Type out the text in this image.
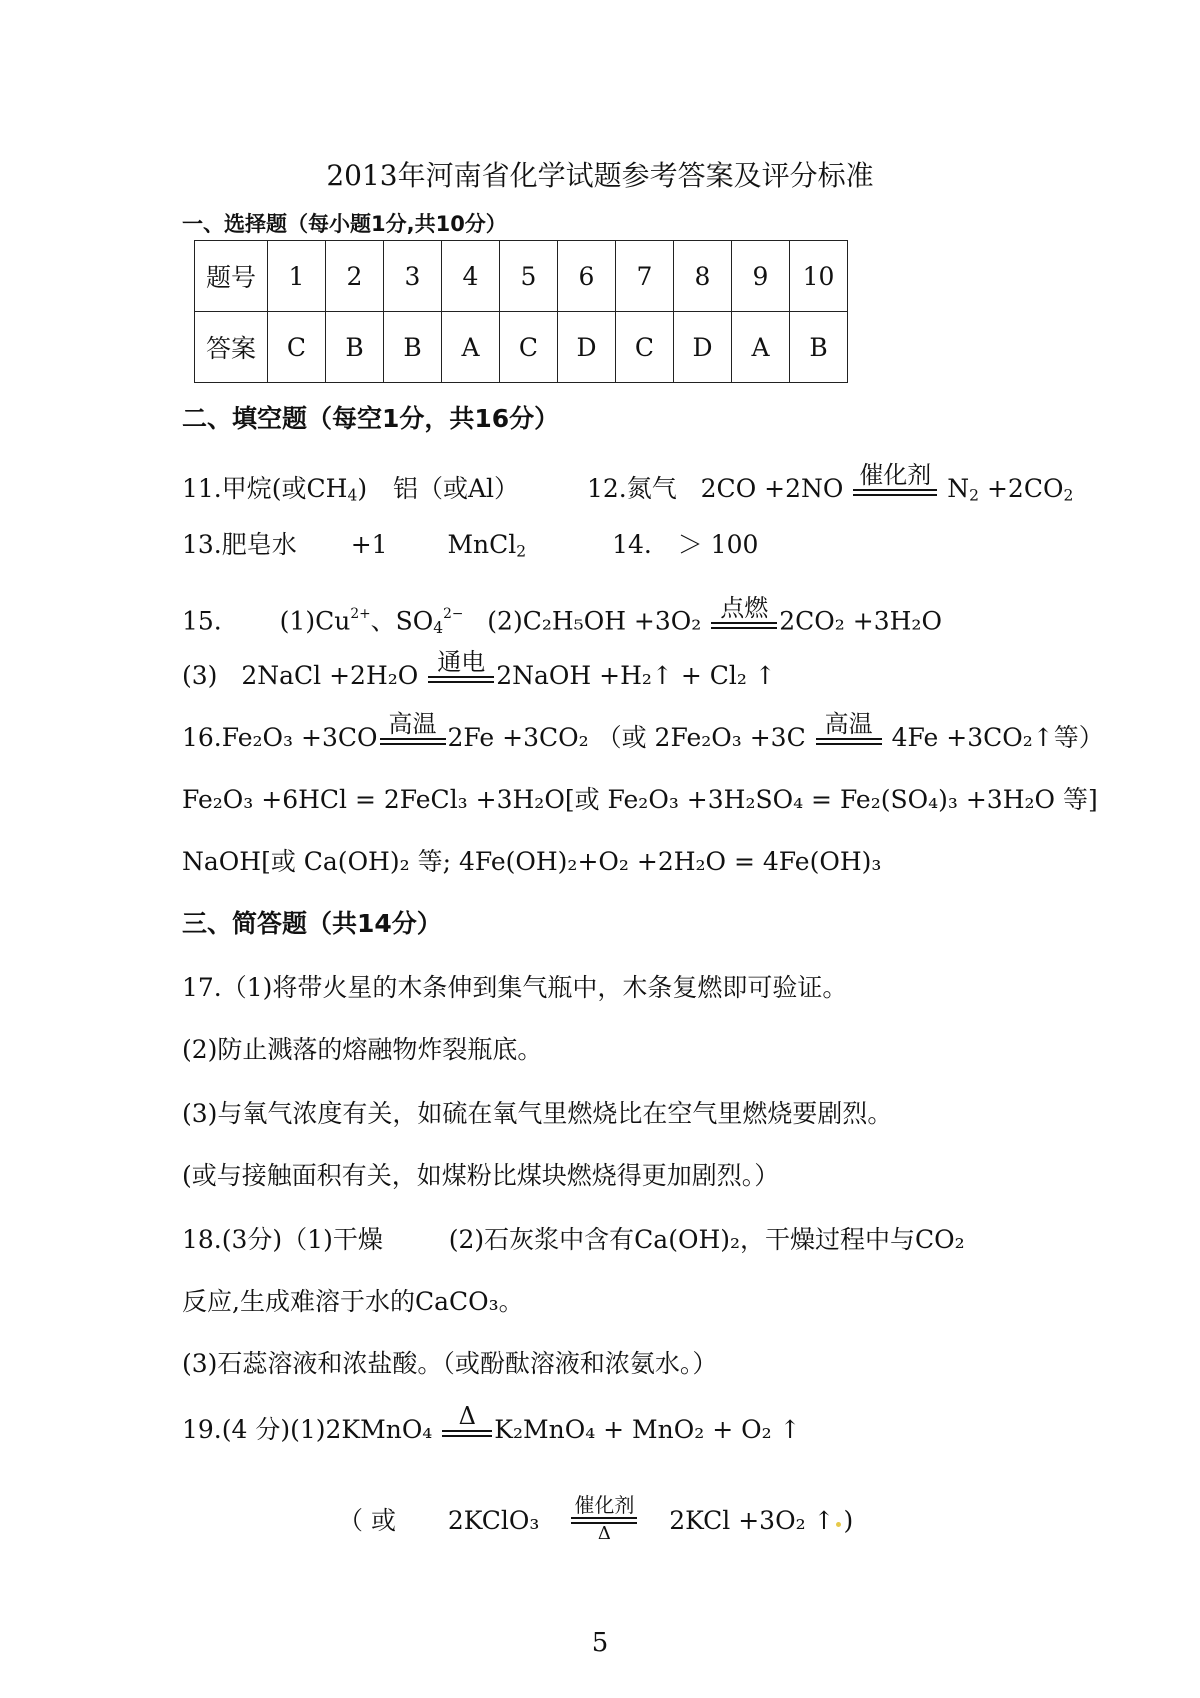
2013年河南省化学试题参考答案及评分标准
一、选择题（每小题1分,共10分）
题号	1	2	3	4	5	6	7	8	9	10
答案	C	B	B	A	C	D	C	D	A	B
二、填空题（每空1分，共16分）
11.甲烷(或$CH_4$) 铝（或Al）	12.氮气 2CO +2NO 催化剂 $N_2 +2CO_2$
13.肥皂水 +1 MnCl$_2$	14. ＞ 100
15. $(1)Cu^{2+}$、$SO_4^{2-}$ (2)C₂H₅OH +3O₂ 点燃 2CO₂ +3H₂O
(3) 2NaCl +2H₂O 通电 2NaOH +H₂↑ + Cl₂ ↑
16.Fe₂O₃ +3CO 高温 2Fe +3CO₂ （或 2Fe₂O₃ +3C 高温 4Fe +3CO₂↑等）
Fe₂O₃ +6HCl = 2FeCl₃ +3H₂O[或 Fe₂O₃ +3H₂SO₄ = Fe₂(SO₄)₃ +3H₂O 等]
NaOH[或 Ca(OH)₂ 等; 4Fe(OH)₂+O₂ +2H₂O = 4Fe(OH)₃
三、简答题（共14分）
17.（1)将带火星的木条伸到集气瓶中，木条复燃即可验证。
(2)防止溅落的熔融物炸裂瓶底。
(3)与氧气浓度有关，如硫在氧气里燃烧比在空气里燃烧要剧烈。
(或与接触面积有关，如煤粉比煤块燃烧得更加剧烈。）
18.(3分)（1)干燥	(2)石灰浆中含有Ca(OH)₂，干燥过程中与CO₂
反应,生成难溶于水的CaCO₃。
(3)石蕊溶液和浓盐酸。（或酚酞溶液和浓氨水。）
19.(4 分)(1)2KMnO₄	Δ K₂MnO₄ + MnO₂ + O₂ ↑
（ 或 2KClO₃
催化剂
Δ	2KCl +3O₂ ↑ )
5
